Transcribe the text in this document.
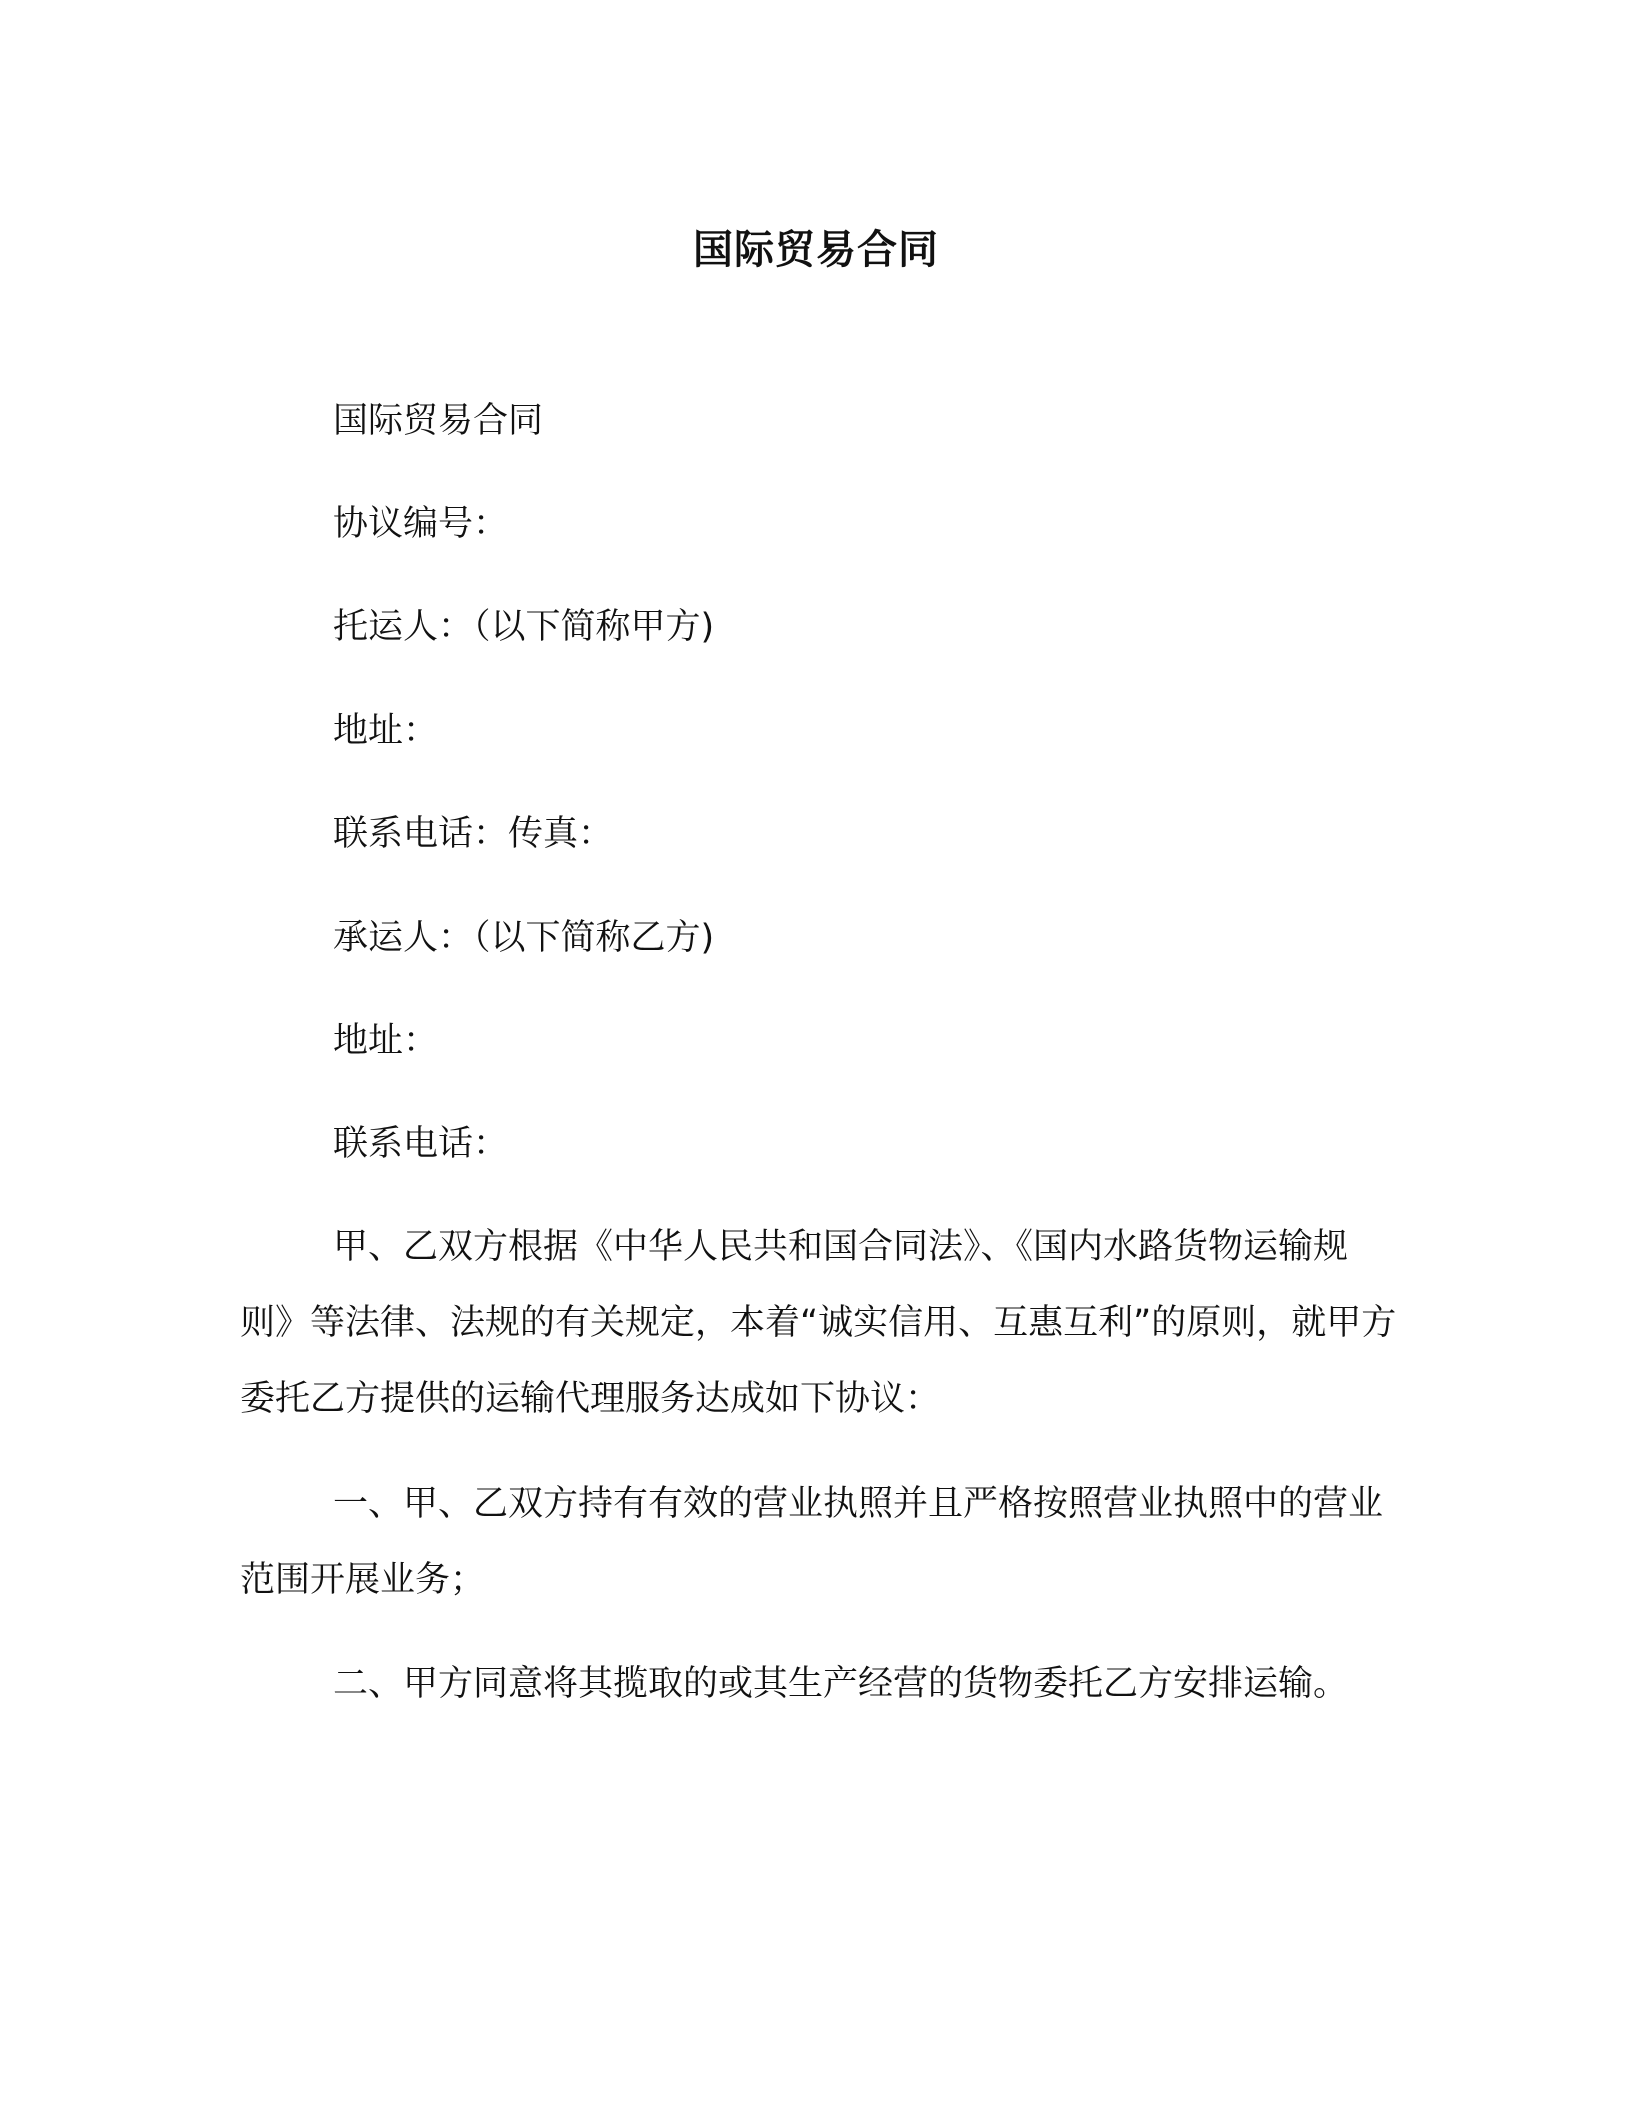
国际贸易合同

国际贸易合同

协议编号：

托运人：（以下简称甲方)

地址：

联系电话：传真：

承运人：（以下简称乙方)

地址：

联系电话：

甲、乙双方根据《中华人民共和国合同法》、《国内水路货物运输规则》等法律、法规的有关规定，本着“诚实信用、互惠互利”的原则，就甲方委托乙方提供的运输代理服务达成如下协议：

一、甲、乙双方持有有效的营业执照并且严格按照营业执照中的营业范围开展业务；

二、甲方同意将其揽取的或其生产经营的货物委托乙方安排运输。
